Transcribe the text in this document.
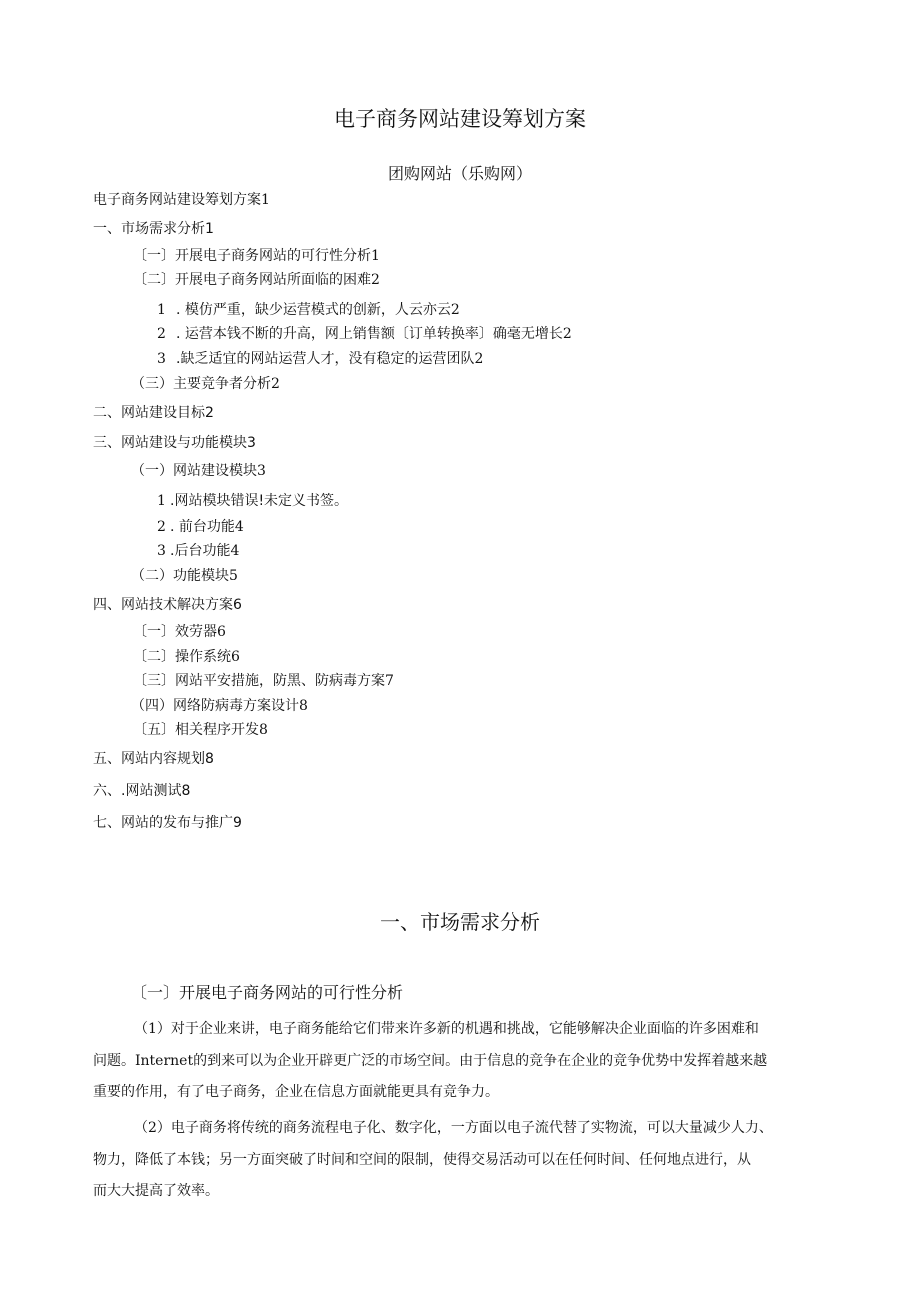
电子商务网站建设筹划方案
团购网站（乐购网）
电子商务网站建设筹划方案1
一、市场需求分析1
〔一〕开展电子商务网站的可行性分析1
〔二〕开展电子商务网站所面临的困难2
1 . 模仿严重，缺少运营模式的创新，人云亦云2
2 . 运营本钱不断的升高，网上销售额〔订单转换率〕确毫无增长2
3 .缺乏适宜的网站运营人才，没有稳定的运营团队2
（三）主要竞争者分析2
二、网站建设目标2
三、网站建设与功能模块3
（一）网站建设模块3
1 .网站模块错误!未定义书签。
2 . 前台功能4
3 .后台功能4
（二）功能模块5
四、网站技术解决方案6
〔一〕效劳器6
〔二〕操作系统6
〔三〕网站平安措施，防黑、防病毒方案7
（四）网络防病毒方案设计8
〔五〕相关程序开发8
五、网站内容规划8
六、.网站测试8
七、网站的发布与推广9
一、市场需求分析
〔一〕开展电子商务网站的可行性分析
（1）对于企业来讲，电子商务能给它们带来许多新的机遇和挑战，它能够解决企业面临的许多困难和
问题。Internet的到来可以为企业开辟更广泛的市场空间。由于信息的竞争在企业的竞争优势中发挥着越来越
重要的作用，有了电子商务，企业在信息方面就能更具有竞争力。
（2）电子商务将传统的商务流程电子化、数字化，一方面以电子流代替了实物流，可以大量减少人力、
物力，降低了本钱；另一方面突破了时间和空间的限制，使得交易活动可以在任何时间、任何地点进行，从
而大大提高了效率。
